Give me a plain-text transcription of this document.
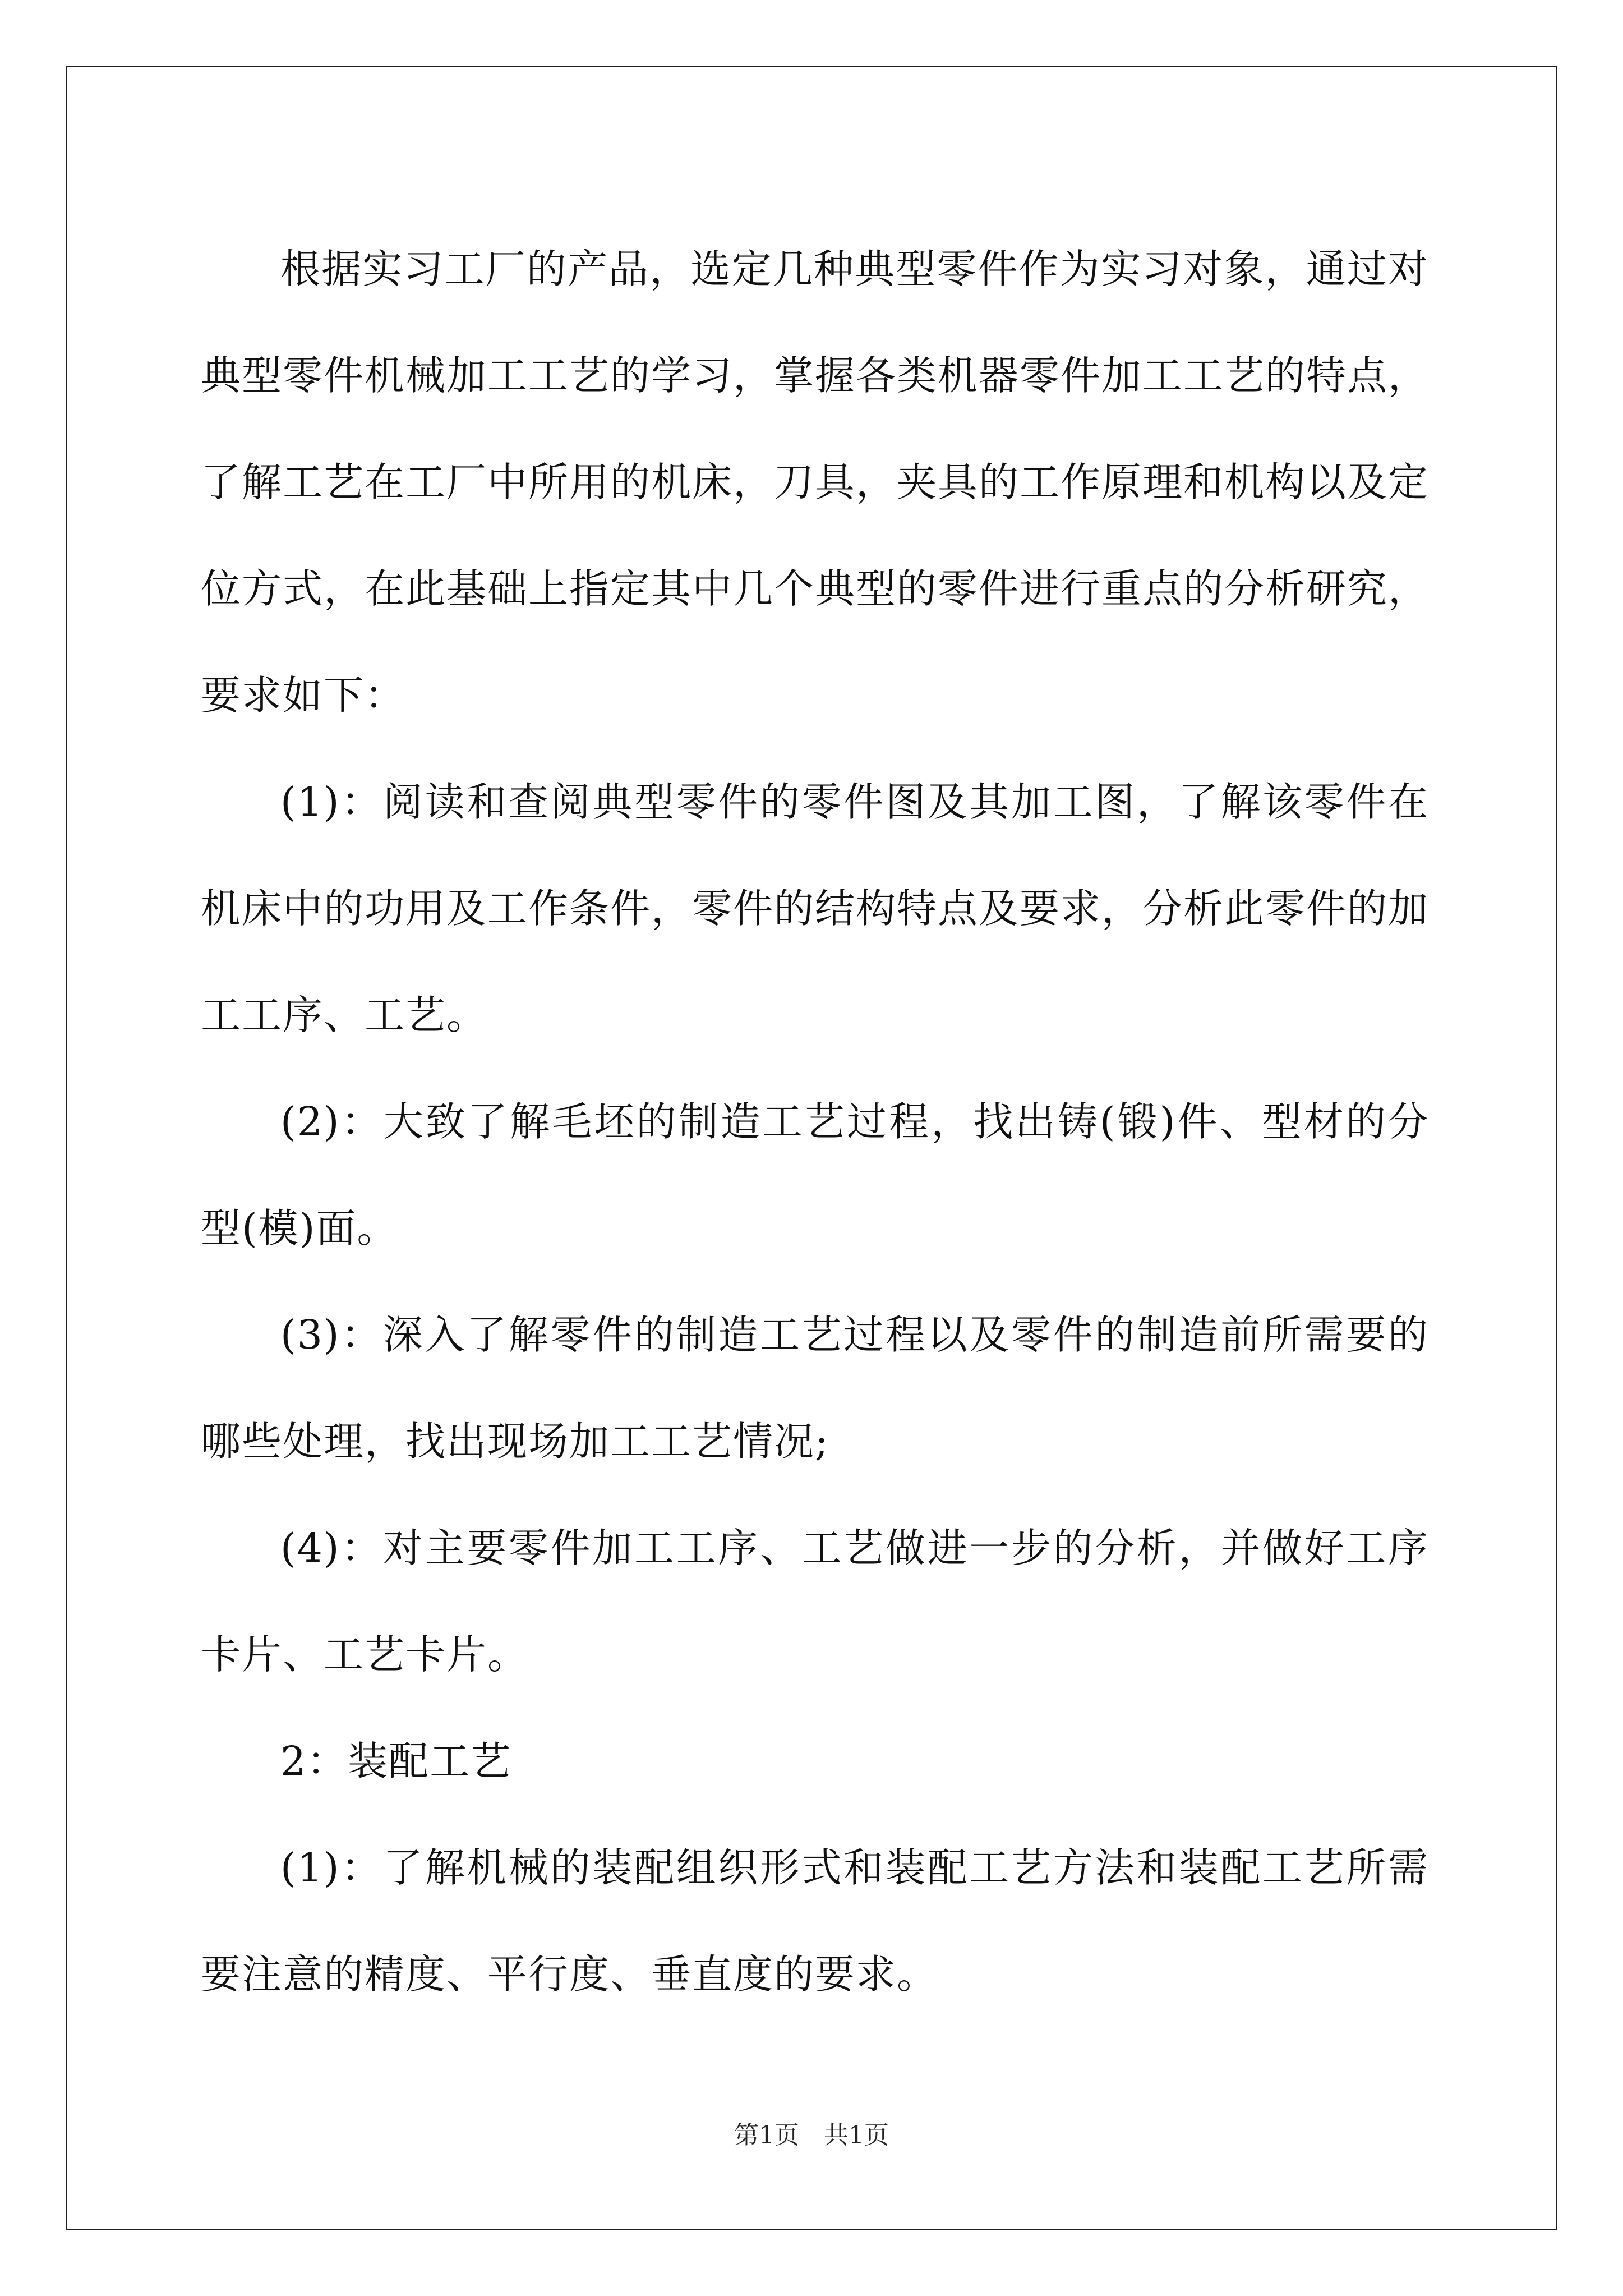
根据实习工厂的产品，选定几种典型零件作为实习对象，通过对典型零件机械加工工艺的学习，掌握各类机器零件加工工艺的特点，了解工艺在工厂中所用的机床，刀具，夹具的工作原理和机构以及定位方式，在此基础上指定其中几个典型的零件进行重点的分析研究，要求如下：

(1)：阅读和查阅典型零件的零件图及其加工图，了解该零件在机床中的功用及工作条件，零件的结构特点及要求，分析此零件的加工工序、工艺。

(2)：大致了解毛坯的制造工艺过程，找出铸(锻)件、型材的分型(模)面。

(3)：深入了解零件的制造工艺过程以及零件的制造前所需要的哪些处理，找出现场加工工艺情况;

(4)：对主要零件加工工序、工艺做进一步的分析，并做好工序卡片、工艺卡片。

2：装配工艺

(1)：了解机械的装配组织形式和装配工艺方法和装配工艺所需要注意的精度、平行度、垂直度的要求。

第1页　共1页
